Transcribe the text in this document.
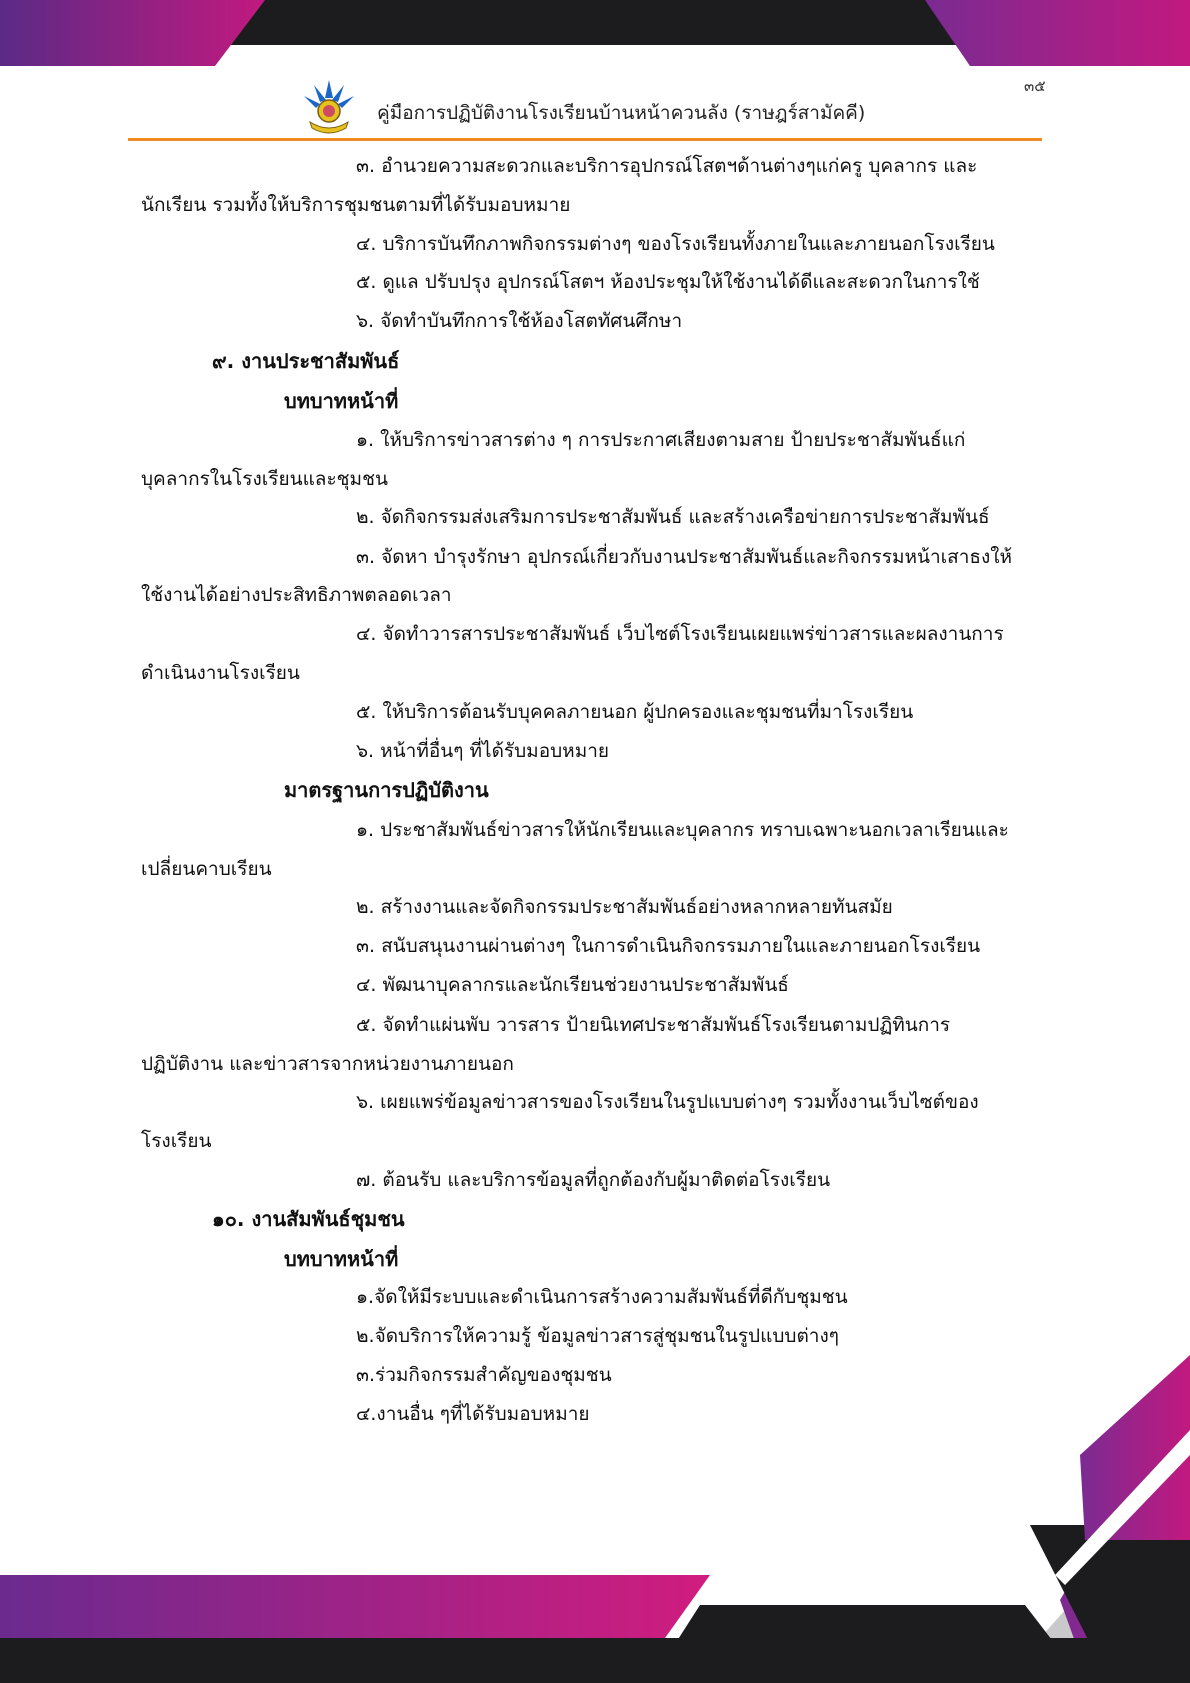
คู่มือการปฏิบัติงานโรงเรียนบ้านหน้าควนลัง (ราษฎร์สามัคคี)
๓๕
๓. อำนวยความสะดวกและบริการอุปกรณ์โสตฯด้านต่างๆแก่ครู บุคลากร และ
นักเรียน รวมทั้งให้บริการชุมชนตามที่ได้รับมอบหมาย
๔. บริการบันทึกภาพกิจกรรมต่างๆ ของโรงเรียนทั้งภายในและภายนอกโรงเรียน
๕. ดูแล ปรับปรุง อุปกรณ์โสตฯ ห้องประชุมให้ใช้งานได้ดีและสะดวกในการใช้
๖. จัดทำบันทึกการใช้ห้องโสตทัศนศึกษา
๙. งานประชาสัมพันธ์
บทบาทหน้าที่
๑. ให้บริการข่าวสารต่าง ๆ การประกาศเสียงตามสาย ป้ายประชาสัมพันธ์แก่
บุคลากรในโรงเรียนและชุมชน
๒. จัดกิจกรรมส่งเสริมการประชาสัมพันธ์ และสร้างเครือข่ายการประชาสัมพันธ์
๓. จัดหา บำรุงรักษา อุปกรณ์เกี่ยวกับงานประชาสัมพันธ์และกิจกรรมหน้าเสาธงให้
ใช้งานได้อย่างประสิทธิภาพตลอดเวลา
๔. จัดทำวารสารประชาสัมพันธ์ เว็บไซต์โรงเรียนเผยแพร่ข่าวสารและผลงานการ
ดำเนินงานโรงเรียน
๕. ให้บริการต้อนรับบุคคลภายนอก ผู้ปกครองและชุมชนที่มาโรงเรียน
๖. หน้าที่อื่นๆ ที่ได้รับมอบหมาย
มาตรฐานการปฏิบัติงาน
๑. ประชาสัมพันธ์ข่าวสารให้นักเรียนและบุคลากร ทราบเฉพาะนอกเวลาเรียนและ
เปลี่ยนคาบเรียน
๒. สร้างงานและจัดกิจกรรมประชาสัมพันธ์อย่างหลากหลายทันสมัย
๓. สนับสนุนงานผ่านต่างๆ ในการดำเนินกิจกรรมภายในและภายนอกโรงเรียน
๔. พัฒนาบุคลากรและนักเรียนช่วยงานประชาสัมพันธ์
๕. จัดทำแผ่นพับ วารสาร ป้ายนิเทศประชาสัมพันธ์โรงเรียนตามปฏิทินการ
ปฏิบัติงาน และข่าวสารจากหน่วยงานภายนอก
๖. เผยแพร่ข้อมูลข่าวสารของโรงเรียนในรูปแบบต่างๆ รวมทั้งงานเว็บไซต์ของ
โรงเรียน
๗. ต้อนรับ และบริการข้อมูลที่ถูกต้องกับผู้มาติดต่อโรงเรียน
๑๐. งานสัมพันธ์ชุมชน
บทบาทหน้าที่
๑.จัดให้มีระบบและดำเนินการสร้างความสัมพันธ์ที่ดีกับชุมชน
๒.จัดบริการให้ความรู้ ข้อมูลข่าวสารสู่ชุมชนในรูปแบบต่างๆ
๓.ร่วมกิจกรรมสำคัญของชุมชน
๔.งานอื่น ๆที่ได้รับมอบหมาย
